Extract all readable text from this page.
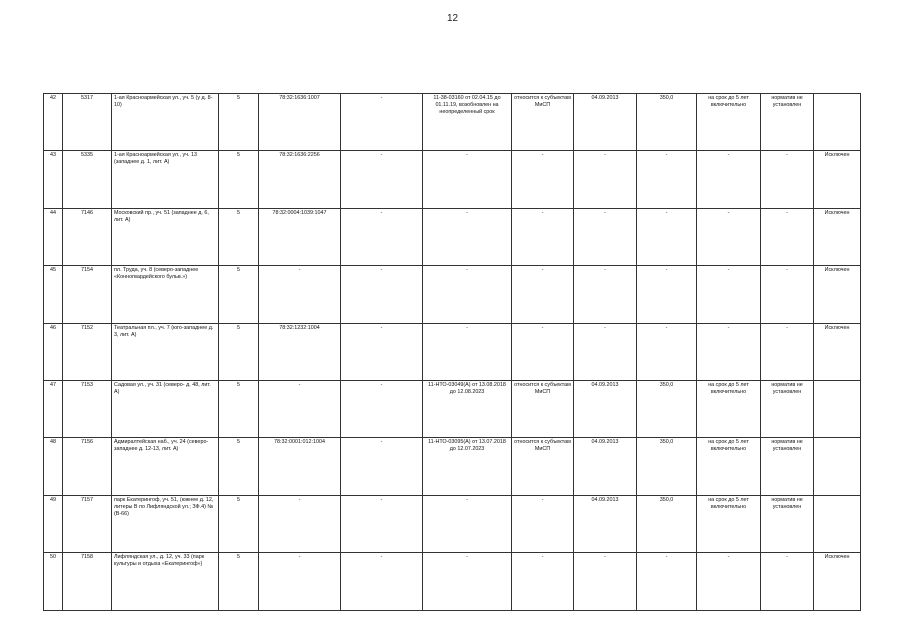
12
42	5317	1-ая Красноармейская ул., уч. 5 (у д. 8-10)	5	78:32:1636:1007	-	11-38-03160 от 02.04.15 до 01.11.19, возобновлен на неопределенный срок	относится к субъектам МиСП	04.09.2013	350,0	на срок до 5 лет включительно	норматив не установлен	
43	5335	1-ая Красноармейская ул., уч. 13 (западнее д. 1, лит. А)	5	78:32:1636:2256	-	-	-	-	-	-	-	Исключен
44	7146	Московский пр., уч. 51 (западнее д. 6, лит. А)	5	78:32:0004:1039:1047	-	-	-	-	-	-	-	Исключен
45	7154	пл. Труда, уч. 8 (северо-западнее «Конногвардейского бульв.»)	5	-	-	-	-	-	-	-	-	Исключен
46	7152	Театральная пл., уч. 7 (юго-западнее д. 3, лит. А)	5	78:32:1232:1004	-	-	-	-	-	-	-	Исключен
47	7153	Садовая ул., уч. 31 (северо- д. 48, лит. А)	5	-	-	11-НТО-03049(А) от 13.08.2018 до 12.08.2023	относится к субъектам МиСП	04.09.2013	350,0	на срок до 5 лет включительно	норматив не установлен	
48	7156	Адмиралтейская наб., уч. 24 (северо-западнее д. 12-13, лит. А)	5	78:32:0001:012:1004	-	11-НТО-03095(А) от 13.07.2018 до 12.07.2023	относится к субъектам МиСП	04.09.2013	350,0	на срок до 5 лет включительно	норматив не установлен	
49	7157	парк Екатерингоф, уч. 51, (южнее д. 12, литеры В по Лифляндской ул.; ЗФ.4) № (В-66)	5	-	-	-	-	04.09.2013	350,0	на срок до 5 лет включительно	норматив не установлен	
50	7158	Лифляндская ул., д. 12, уч. 33 (парк культуры и отдыха «Екатерингоф»)	5	-	-	-	-	-	-	-	-	Исключен
